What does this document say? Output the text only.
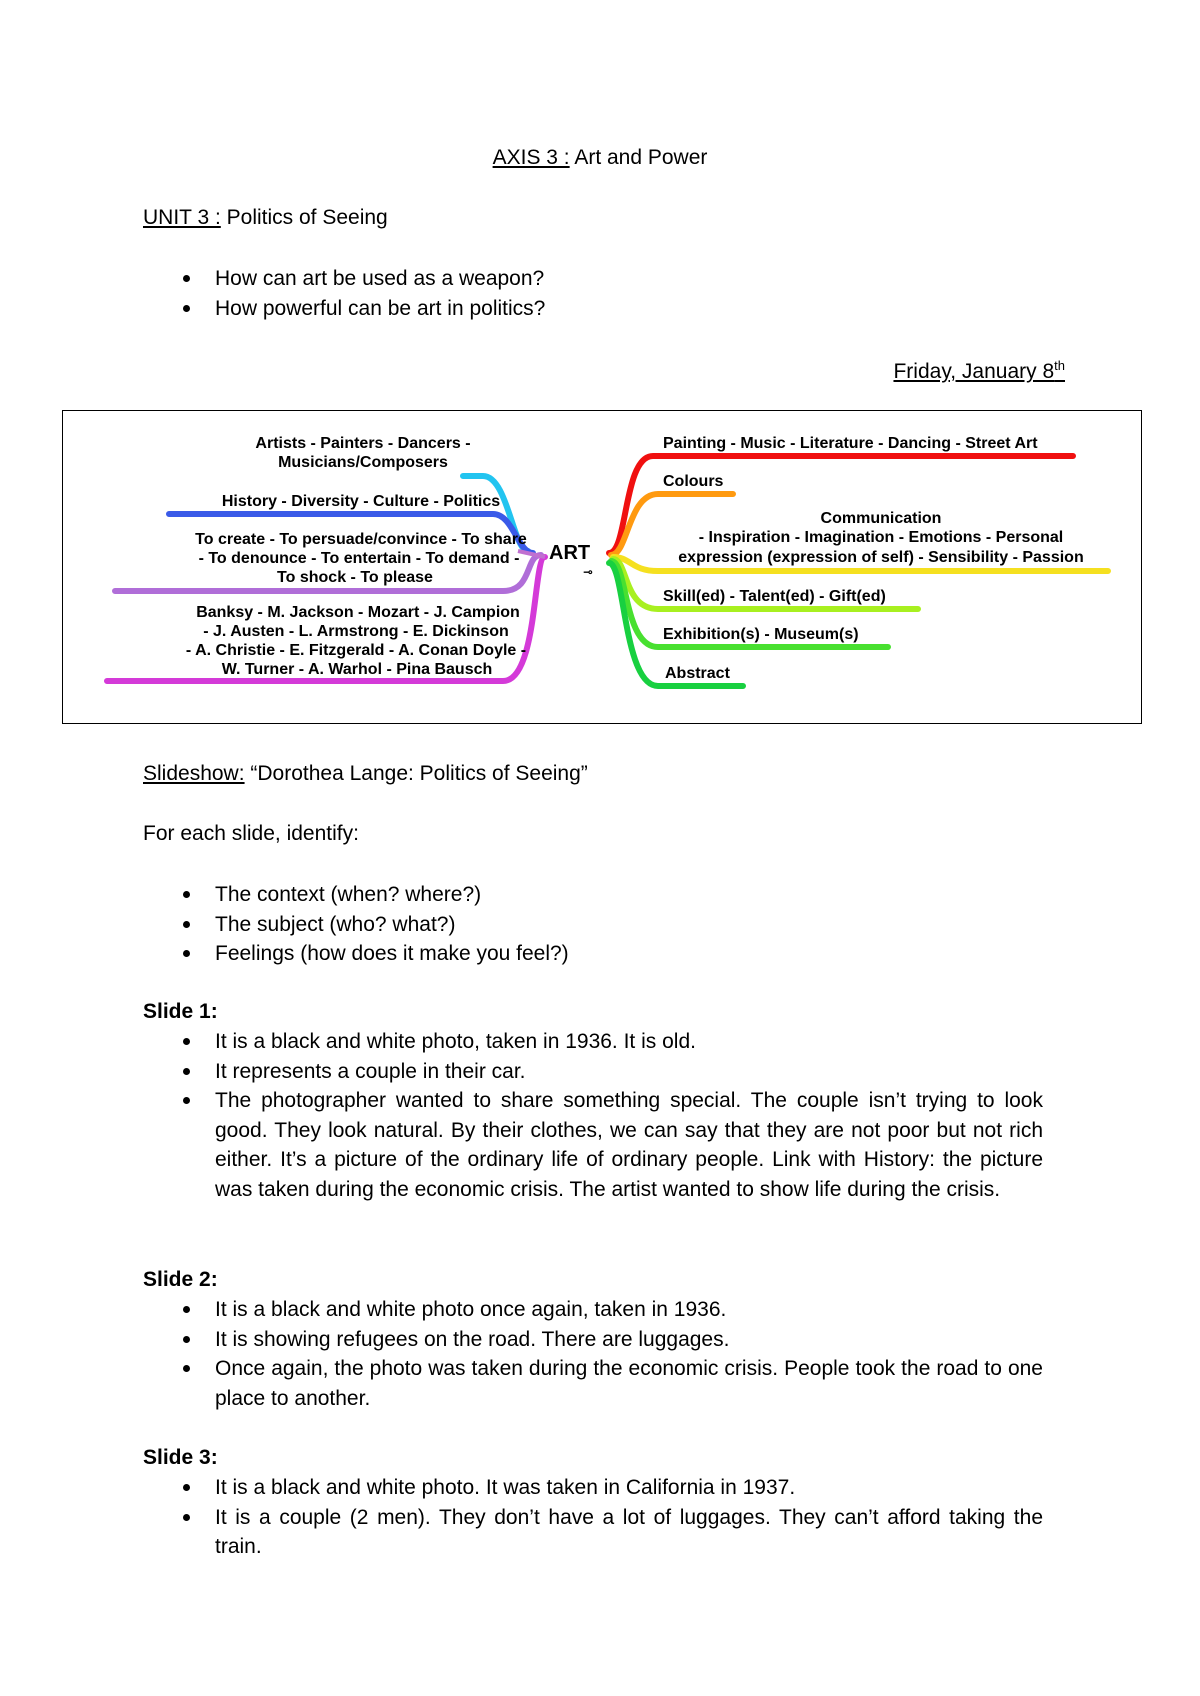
AXIS 3 : Art and Power
UNIT 3 : Politics of Seeing
How can art be used as a weapon?
How powerful can be art in politics?
Friday, January 8th
ART
⊸
Artists - Painters - Dancers -
Musicians/Composers
History - Diversity - Culture - Politics
To create - To persuade/convince - To share
- To denounce - To entertain - To demand -
To shock - To please
Banksy - M. Jackson - Mozart - J. Campion
- J. Austen - L. Armstrong - E. Dickinson
- A. Christie - E. Fitzgerald - A. Conan Doyle -
W. Turner - A. Warhol - Pina Bausch
Painting - Music - Literature - Dancing - Street Art
Colours
Communication
- Inspiration - Imagination - Emotions - Personal
expression (expression of self) - Sensibility - Passion
Skill(ed) - Talent(ed) - Gift(ed)
Exhibition(s) - Museum(s)
Abstract
Slideshow: “Dorothea Lange: Politics of Seeing”
For each slide, identify:
The context (when? where?)
The subject (who? what?)
Feelings (how does it make you feel?)
Slide 1:
It is a black and white photo, taken in 1936. It is old.
It represents a couple in their car.
The photographer wanted to share something special. The couple isn’t trying to look good. They look natural. By their clothes, we can say that they are not poor but not rich either. It’s a picture of the ordinary life of ordinary people. Link with History: the picture was taken during the economic crisis. The artist wanted to show life during the crisis.
Slide 2:
It is a black and white photo once again, taken in 1936.
It is showing refugees on the road. There are luggages.
Once again, the photo was taken during the economic crisis. People took the road to one place to another.
Slide 3:
It is a black and white photo. It was taken in California in 1937.
It is a couple (2 men). They don’t have a lot of luggages. They can’t afford taking the train.
